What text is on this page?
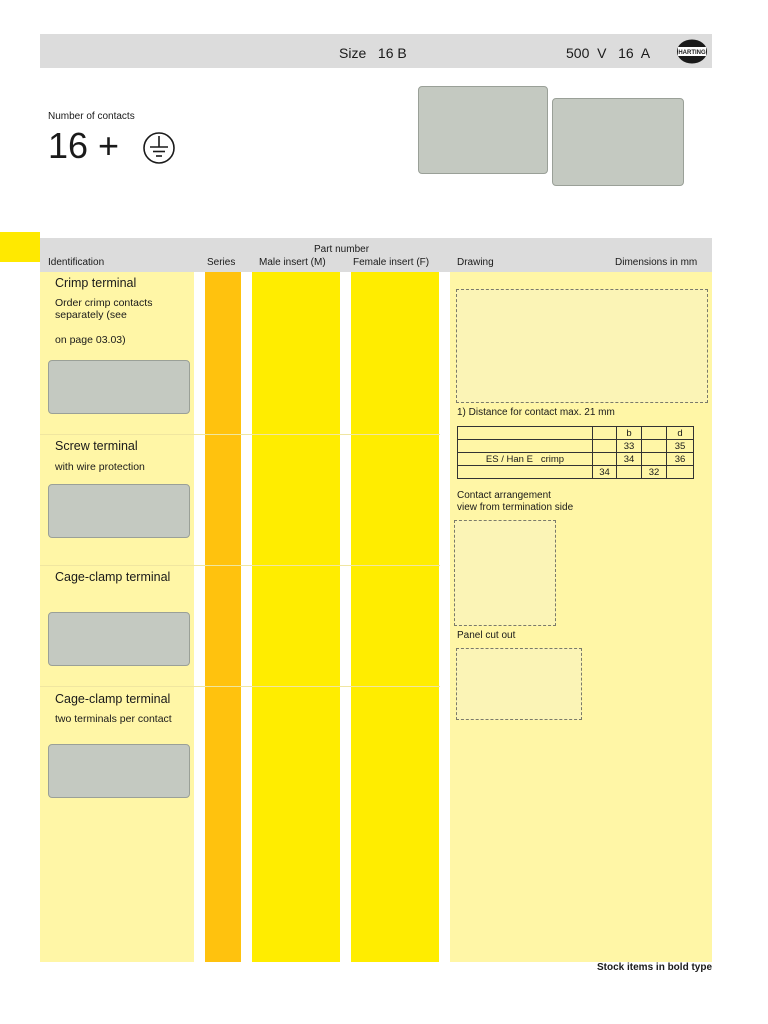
Size   16 B	500  V   16  A	HARTING
Number of contacts
16 +
Part number
Identification	Series Male insert (M)	Female insert (F)	Drawing	Dimensions in mm
Crimp terminal
Order crimp contacts
separately (see
on page 03.03)
Screw terminal
with wire protection
Cage-clamp terminal
Cage-clamp terminal
two terminals per contact
1) Distance for contact max. 21 mm
		b		d
		33		35
ES / Han E   crimp		34		36
	34		32	
Contact arrangement
view from termination side
Panel cut out
Stock items in bold type
